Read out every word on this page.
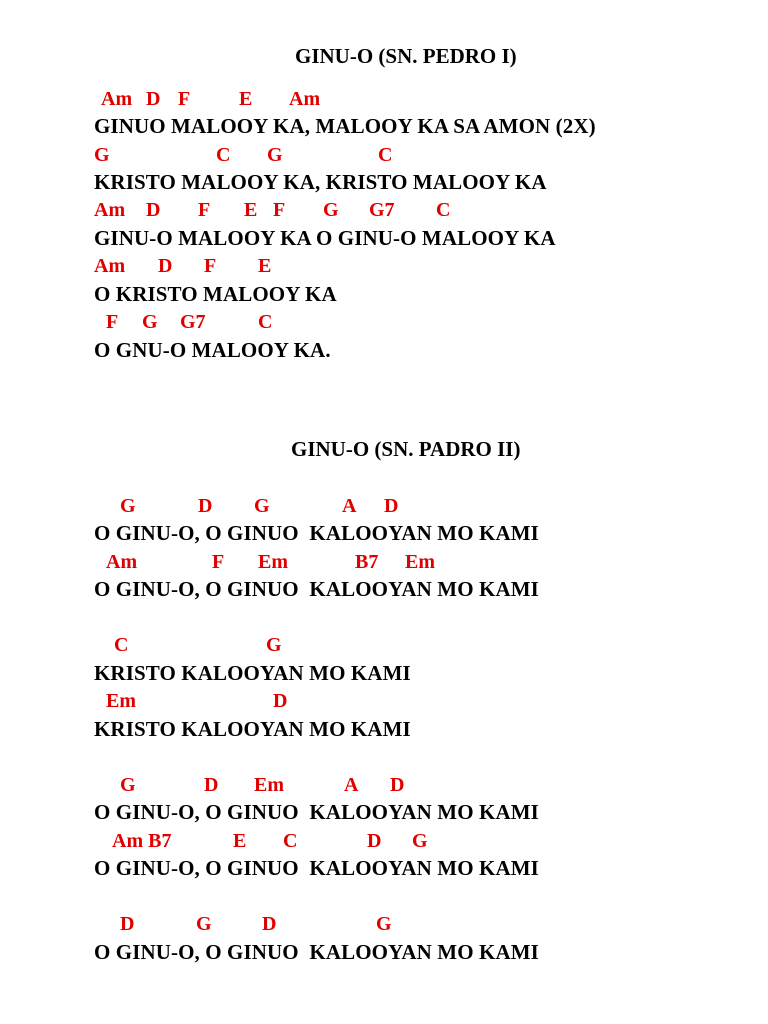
GINU-O (SN. PEDRO I)
Am D F E Am
GINUO MALOOY KA, MALOOY KA SA AMON (2X)
G	C G	C
KRISTO MALOOY KA, KRISTO MALOOY KA
Am D F E F G G7 C
GINU-O MALOOY KA O GINU-O MALOOY KA
Am D F E
O KRISTO MALOOY KA
F G G7	C
O GNU-O MALOOY KA.
GINU-O (SN. PADRO II)
G	D G	A D
O GINU-O, O GINUO  KALOOYAN MO KAMI
Am	F Em	B7 Em
O GINU-O, O GINUO  KALOOYAN MO KAMI
C	G
KRISTO KALOOYAN MO KAMI
Em	D
KRISTO KALOOYAN MO KAMI
G	D Em	A D
O GINU-O, O GINUO  KALOOYAN MO KAMI
Am B7	E C	D G
O GINU-O, O GINUO  KALOOYAN MO KAMI
D	G	D	G
O GINU-O, O GINUO  KALOOYAN MO KAMI
